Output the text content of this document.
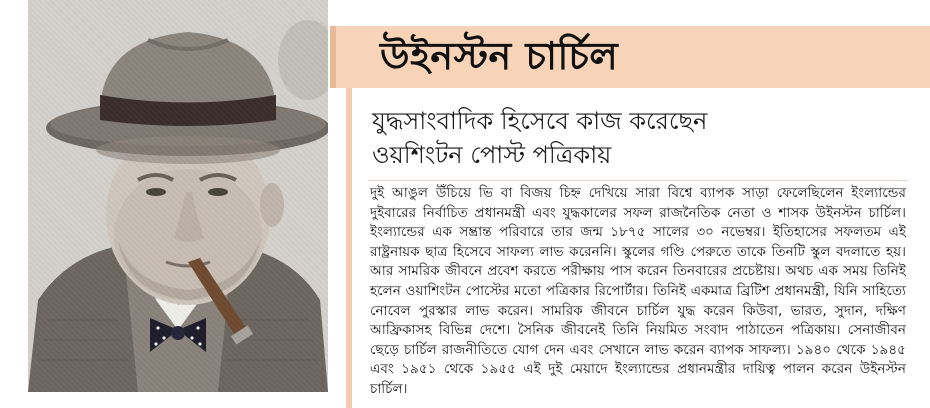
উইনস্টন চার্চিল
যুদ্ধসাংবাদিক হিসেবে কাজ করেছেন
ওয়শিংটন পোস্ট পত্রিকায়

দুই আঙুল উঁচিয়ে ভি বা বিজয় চিহ্ন দেখিয়ে সারা বিশ্বে ব্যাপক সাড়া ফেলেছিলেন ইংল্যান্ডের দুইবারের নির্বাচিত প্রধানমন্ত্রী এবং যুদ্ধকালের সফল রাজনৈতিক নেতা ও শাসক উইনস্টন চার্চিল। ইংল্যান্ডের এক সম্ভ্রান্ত পরিবারে তার জন্ম ১৮৭৫ সালের ৩০ নভেম্বর। ইতিহাসের সফলতম এই রাষ্ট্রনায়ক ছাত্র হিসেবে সাফল্য লাভ করেননি। স্কুলের গণ্ডি পেরুতে তাকে তিনটি স্কুল বদলাতে হয়। আর সামরিক জীবনে প্রবেশ করতে পরীক্ষায় পাস করেন তিনবারের প্রচেষ্টায়। অথচ এক সময় তিনিই হলেন ওয়াশিংটন পোস্টের মতো পত্রিকার রিপোর্টার। তিনিই একমাত্র ব্রিটিশ প্রধানমন্ত্রী, যিনি সাহিত্যে নোবেল পুরস্কার লাভ করেন। সামরিক জীবনে চার্চিল যুদ্ধ করেন কিউবা, ভারত, সুদান, দক্ষিণ আফ্রিকাসহ বিভিন্ন দেশে। সৈনিক জীবনেই তিনি নিয়মিত সংবাদ পাঠাতেন পত্রিকায়। সেনাজীবন ছেড়ে চার্চিল রাজনীতিতে যোগ দেন এবং সেখানে লাভ করেন ব্যাপক সাফল্য। ১৯৪০ থেকে ১৯৪৫ এবং ১৯৫১ থেকে ১৯৫৫ এই দুই মেয়াদে ইংল্যান্ডের প্রধানমন্ত্রীর দায়িত্ব পালন করেন উইনস্টন চার্চিল।
